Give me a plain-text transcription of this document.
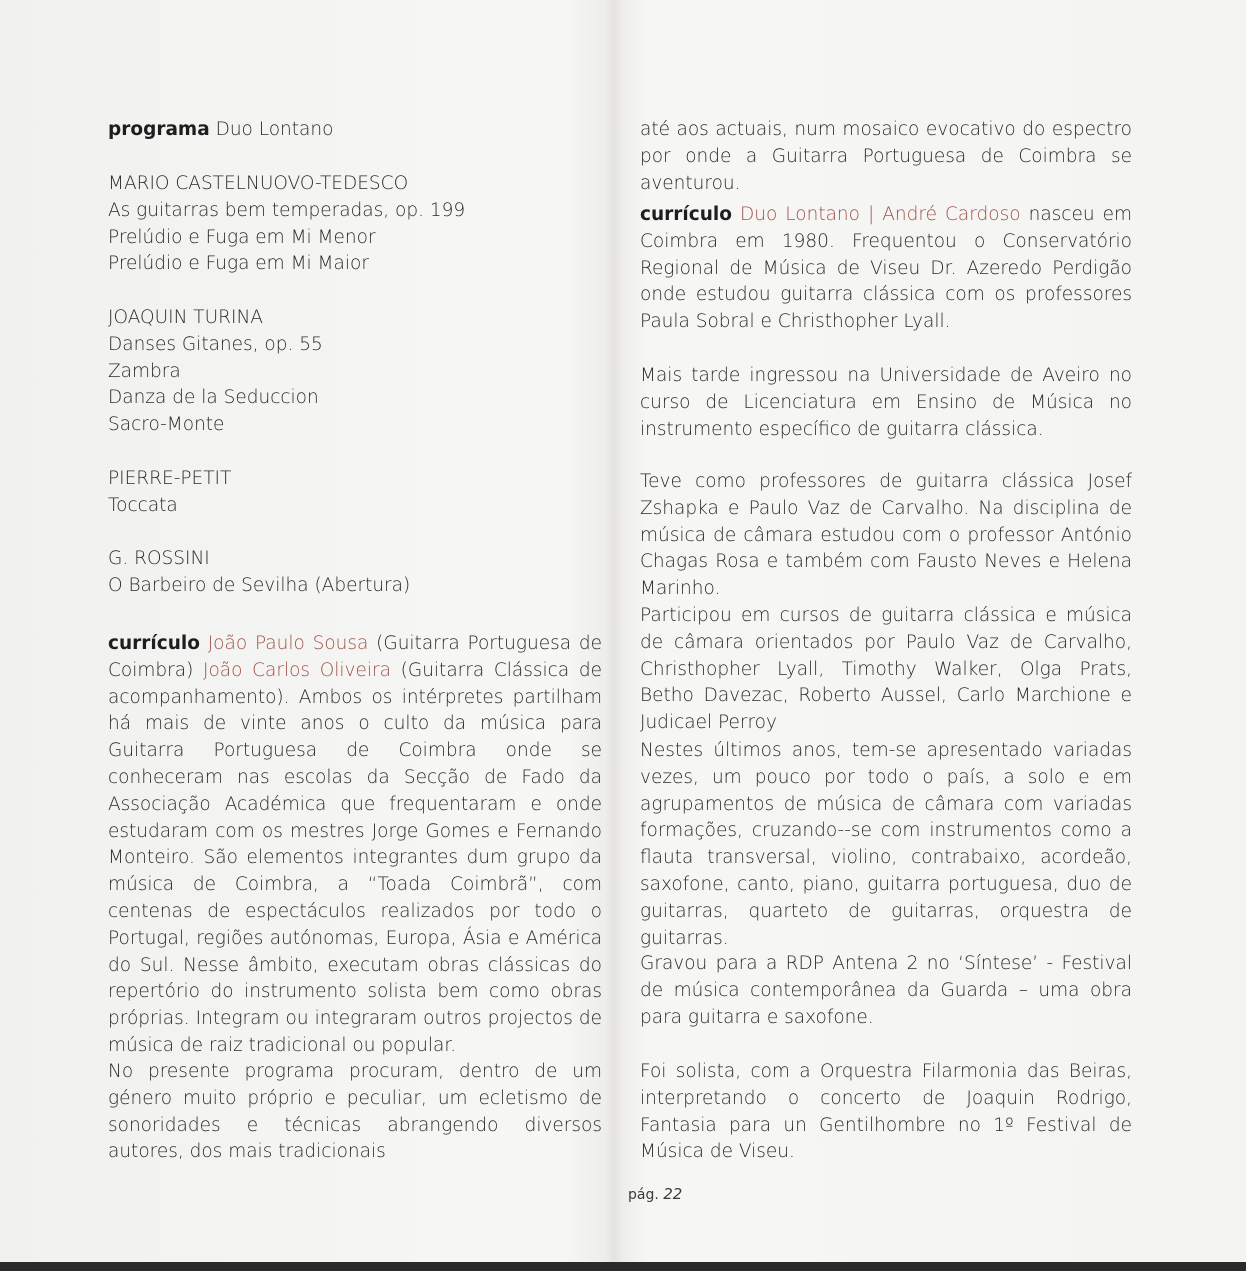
programa Duo Lontano
MARIO CASTELNUOVO-TEDESCO
As guitarras bem temperadas, op. 199
Prelúdio e Fuga em Mi Menor
Prelúdio e Fuga em Mi Maior

JOAQUIN TURINA
Danses Gitanes, op. 55
Zambra
Danza de la Seduccion
Sacro-Monte

PIERRE-PETIT
Toccata

G. ROSSINI
O Barbeiro de Sevilha (Abertura)
currículo João Paulo Sousa (Guitarra Portuguesa de Coimbra) João Carlos Oliveira (Guitarra Clássica de acompanhamento). Ambos os intérpretes partilham há mais de vinte anos o culto da música para Guitarra Portuguesa de Coimbra onde se conheceram nas escolas da Secção de Fado da Associação Académica que frequentaram e onde estudaram com os mestres Jorge Gomes e Fernando Monteiro. São elementos integrantes dum grupo da música de Coimbra, a “Toada Coimbrã”, com centenas de espectáculos realizados por todo o Portugal, regiões autónomas, Europa, Ásia e América do Sul. Nesse âmbito, executam obras clássicas do repertório do instrumento solista bem como obras próprias. Integram ou integraram outros projectos de música de raiz tradicional ou popular.
No presente programa procuram, dentro de um género muito próprio e peculiar, um ecletismo de sonoridades e técnicas abrangendo diversos autores, dos mais tradicionais
até aos actuais, num mosaico evocativo do espectro por onde a Guitarra Portuguesa de Coimbra se aventurou.
currículo Duo Lontano | André Cardoso nasceu em Coimbra em 1980. Frequentou o Conservatório Regional de Música de Viseu Dr. Azeredo Perdigão onde estudou guitarra clássica com os professores Paula Sobral e Christhopher Lyall.
Mais tarde ingressou na Universidade de Aveiro no curso de Licenciatura em Ensino de Música no instrumento específico de guitarra clássica.
Teve como professores de guitarra clássica Josef Zshapka e Paulo Vaz de Carvalho. Na disciplina de música de câmara estudou com o professor António Chagas Rosa e também com Fausto Neves e Helena Marinho.
Participou em cursos de guitarra clássica e música de câmara orientados por Paulo Vaz de Carvalho, Christhopher Lyall, Timothy Walker, Olga Prats, Betho Davezac, Roberto Aussel, Carlo Marchione e Judicael Perroy
Nestes últimos anos, tem-se apresentado variadas vezes, um pouco por todo o país, a solo e em agrupamentos de música de câmara com variadas formações, cruzando--se com instrumentos como a flauta transversal, violino, contrabaixo, acordeão, saxofone, canto, piano, guitarra portuguesa, duo de guitarras, quarteto de guitarras, orquestra de guitarras.
Gravou para a RDP Antena 2 no ‘Síntese’ - Festival de música contemporânea da Guarda – uma obra para guitarra e saxofone.
Foi solista, com a Orquestra Filarmonia das Beiras, interpretando o concerto de Joaquin Rodrigo, Fantasia para un Gentilhombre no 1º Festival de Música de Viseu.
pág. 22
